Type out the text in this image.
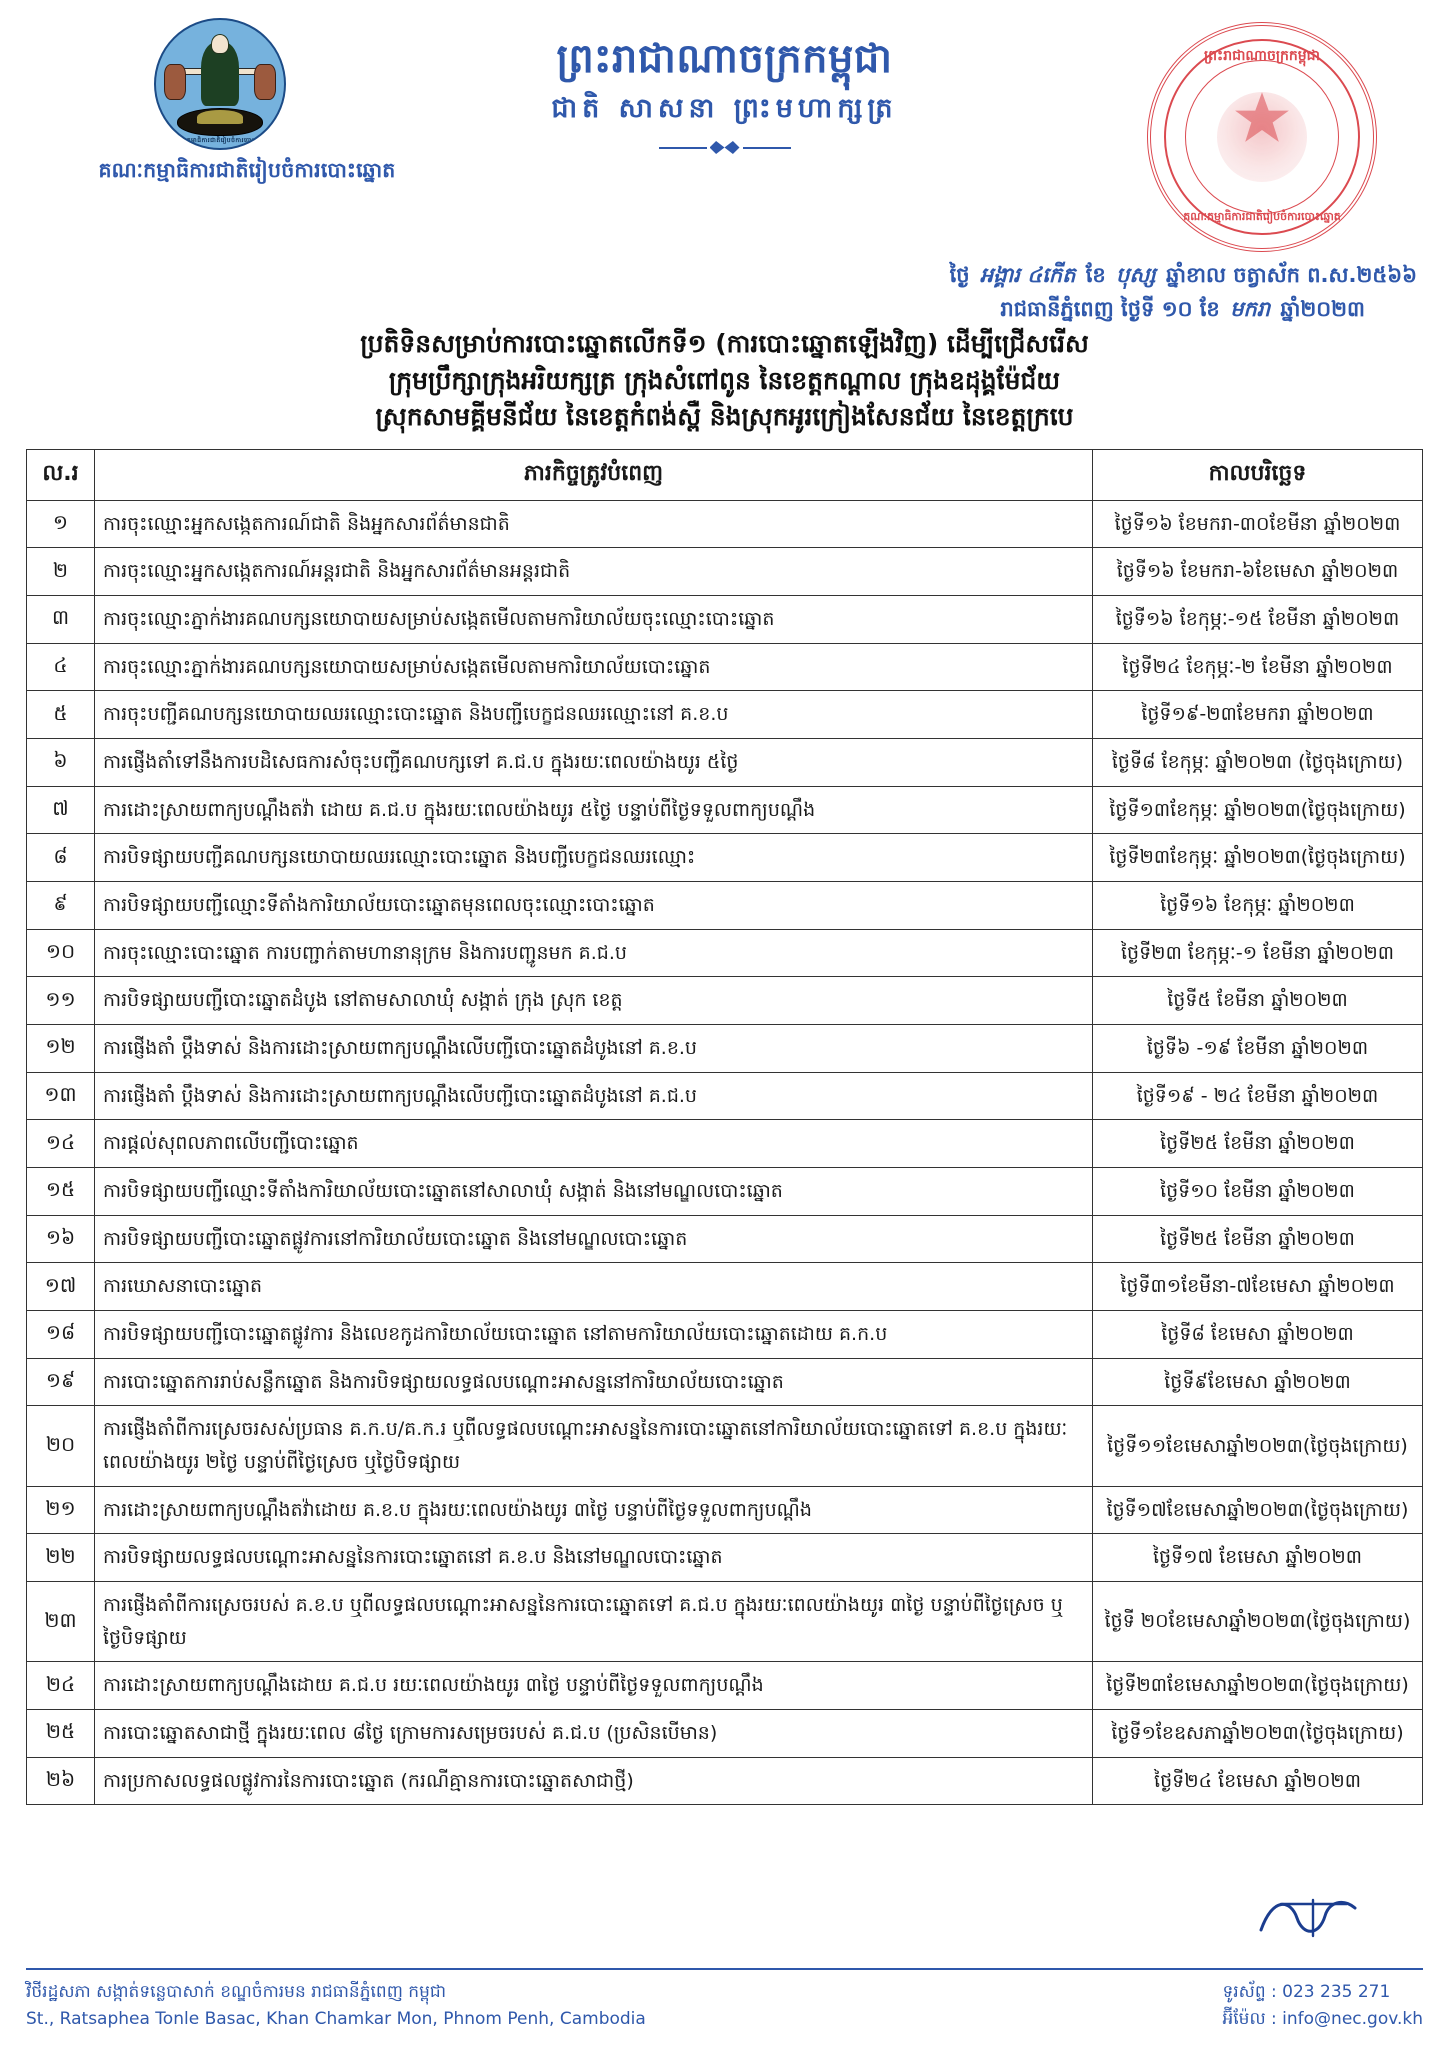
គណៈកម្មាធិការជាតិរៀបចំការបោះឆ្នោត
ព្រះរាជាណាចក្រកម្ពុជា
ជាតិ សាសនា ព្រះមហាក្សត្រ
ព្រះរាជាណាចក្រកម្ពុជា
គណៈកម្មាធិការជាតិរៀបចំការបោះឆ្នោត
គណៈកម្មាធិការជាតិរៀបចំការបោះឆ្នោត
ថ្ងៃ អង្គារ ៤កើត ខែ បុស្ស ឆ្នាំខាល ចត្វាស័ក ព.ស.២៥៦៦
រាជធានីភ្នំពេញ ថ្ងៃទី ១០ ខែ មករា ឆ្នាំ២០២៣
ប្រតិទិនសម្រាប់ការបោះឆ្នោតលើកទី១ (ការបោះឆ្នោតឡើងវិញ) ដើម្បីជ្រើសរើស
ក្រុមប្រឹក្សាក្រុងអរិយក្សត្រ ក្រុងសំពៅពូន នៃខេត្តកណ្ដាល ក្រុងឧដុង្គម៉ែជ័យ
ស្រុកសាមគ្គីមនីជ័យ នៃខេត្តកំពង់ស្ពឺ និងស្រុកអូរក្រៀងសែនជ័យ នៃខេត្តក្របេ
ល.រ	ភារកិច្ចត្រូវបំពេញ	កាលបរិច្ឆេទ
១	ការចុះឈ្មោះអ្នកសង្កេតការណ៍ជាតិ និងអ្នកសារព័ត៌មានជាតិ	ថ្ងៃទី១៦ ខែមករា-៣០ខែមីនា ឆ្នាំ២០២៣
២	ការចុះឈ្មោះអ្នកសង្កេតការណ៍អន្តរជាតិ និងអ្នកសារព័ត៌មានអន្តរជាតិ	ថ្ងៃទី១៦ ខែមករា-៦ខែមេសា ឆ្នាំ២០២៣
៣	ការចុះឈ្មោះភ្នាក់ងារគណបក្សនយោបាយសម្រាប់សង្កេតមើលតាមការិយាល័យចុះឈ្មោះបោះឆ្នោត	ថ្ងៃទី១៦ ខែកុម្ភៈ-១៥ ខែមីនា ឆ្នាំ២០២៣
៤	ការចុះឈ្មោះភ្នាក់ងារគណបក្សនយោបាយសម្រាប់សង្កេតមើលតាមការិយាល័យបោះឆ្នោត	ថ្ងៃទី២៤ ខែកុម្ភៈ-២ ខែមីនា ឆ្នាំ២០២៣
៥	ការចុះបញ្ជីគណបក្សនយោបាយឈរឈ្មោះបោះឆ្នោត និងបញ្ជីបេក្ខជនឈរឈ្មោះនៅ គ.ខ.ប	ថ្ងៃទី១៩-២៣ខែមករា ឆ្នាំ២០២៣
៦	ការផ្ញើងតាំទៅនឹងការបដិសេធការសំចុះបញ្ជីគណបក្សទៅ គ.ជ.ប ក្នុងរយៈពេលយ៉ាងយូរ ៥ថ្ងៃ	ថ្ងៃទី៨ ខែកុម្ភៈ ឆ្នាំ២០២៣ (ថ្ងៃចុងក្រោយ)
៧	ការដោះស្រាយពាក្យបណ្ដឹងតវ៉ា ដោយ គ.ជ.ប ក្នុងរយៈពេលយ៉ាងយូរ ៥ថ្ងៃ បន្ទាប់ពីថ្ងៃទទួលពាក្យបណ្ដឹង	ថ្ងៃទី១៣ខែកុម្ភៈ ឆ្នាំ២០២៣(ថ្ងៃចុងក្រោយ)
៨	ការបិទផ្សាយបញ្ជីគណបក្សនយោបាយឈរឈ្មោះបោះឆ្នោត និងបញ្ជីបេក្ខជនឈរឈ្មោះ	ថ្ងៃទី២៣ខែកុម្ភៈ ឆ្នាំ២០២៣(ថ្ងៃចុងក្រោយ)
៩	ការបិទផ្សាយបញ្ជីឈ្មោះទីតាំងការិយាល័យបោះឆ្នោតមុនពេលចុះឈ្មោះបោះឆ្នោត	ថ្ងៃទី១៦ ខែកុម្ភៈ ឆ្នាំ២០២៣
១០	ការចុះឈ្មោះបោះឆ្នោត ការបញ្ជាក់តាមហានានុក្រម និងការបញ្ជូនមក គ.ជ.ប	ថ្ងៃទី២៣ ខែកុម្ភៈ-១ ខែមីនា ឆ្នាំ២០២៣
១១	ការបិទផ្សាយបញ្ជីបោះឆ្នោតដំបូង នៅតាមសាលាឃុំ សង្កាត់ ក្រុង ស្រុក ខេត្ត	ថ្ងៃទី៥ ខែមីនា ឆ្នាំ២០២៣
១២	ការផ្ញើងតាំ ប្ដឹងទាស់ និងការដោះស្រាយពាក្យបណ្ដឹងលើបញ្ជីបោះឆ្នោតដំបូងនៅ គ.ខ.ប	ថ្ងៃទី៦ -១៩ ខែមីនា ឆ្នាំ២០២៣
១៣	ការផ្ញើងតាំ ប្ដឹងទាស់ និងការដោះស្រាយពាក្យបណ្ដឹងលើបញ្ជីបោះឆ្នោតដំបូងនៅ គ.ជ.ប	ថ្ងៃទី១៩ - ២៤ ខែមីនា ឆ្នាំ២០២៣
១៤	ការផ្ដល់សុពលភាពលើបញ្ជីបោះឆ្នោត	ថ្ងៃទី២៥ ខែមីនា ឆ្នាំ២០២៣
១៥	ការបិទផ្សាយបញ្ជីឈ្មោះទីតាំងការិយាល័យបោះឆ្នោតនៅសាលាឃុំ សង្កាត់ និងនៅមណ្ឌលបោះឆ្នោត	ថ្ងៃទី១០ ខែមីនា ឆ្នាំ២០២៣
១៦	ការបិទផ្សាយបញ្ជីបោះឆ្នោតផ្លូវការនៅការិយាល័យបោះឆ្នោត និងនៅមណ្ឌលបោះឆ្នោត	ថ្ងៃទី២៥ ខែមីនា ឆ្នាំ២០២៣
១៧	ការឃោសនាបោះឆ្នោត	ថ្ងៃទី៣១ខែមីនា-៧ខែមេសា ឆ្នាំ២០២៣
១៨	ការបិទផ្សាយបញ្ជីបោះឆ្នោតផ្លូវការ និងលេខកូដការិយាល័យបោះឆ្នោត នៅតាមការិយាល័យបោះឆ្នោតដោយ គ.ក.ប	ថ្ងៃទី៨ ខែមេសា ឆ្នាំ២០២៣
១៩	ការបោះឆ្នោតការរាប់សន្លឹកឆ្នោត និងការបិទផ្សាយលទ្ធផលបណ្ដោះអាសន្ននៅការិយាល័យបោះឆ្នោត	ថ្ងៃទី៩ខែមេសា ឆ្នាំ២០២៣
២០	ការផ្ញើងតាំពីការស្រេចរសស់ប្រធាន គ.ក.ប/គ.ក.រ ឬពីលទ្ធផលបណ្ដោះអាសន្ននៃការបោះឆ្នោតនៅការិយាល័យបោះឆ្នោតទៅ គ.ខ.ប ក្នុងរយៈពេលយ៉ាងយូរ ២ថ្ងៃ បន្ទាប់ពីថ្ងៃស្រេច ឬថ្ងៃបិទផ្សាយ	ថ្ងៃទី១១ខែមេសាឆ្នាំ២០២៣(ថ្ងៃចុងក្រោយ)
២១	ការដោះស្រាយពាក្យបណ្ដឹងតវ៉ាដោយ គ.ខ.ប ក្នុងរយៈពេលយ៉ាងយូរ ៣ថ្ងៃ បន្ទាប់ពីថ្ងៃទទួលពាក្យបណ្ដឹង	ថ្ងៃទី១៧ខែមេសាឆ្នាំ២០២៣(ថ្ងៃចុងក្រោយ)
២២	ការបិទផ្សាយលទ្ធផលបណ្ដោះអាសន្ននៃការបោះឆ្នោតនៅ គ.ខ.ប និងនៅមណ្ឌលបោះឆ្នោត	ថ្ងៃទី១៧ ខែមេសា ឆ្នាំ២០២៣
២៣	ការផ្ញើងតាំពីការស្រេចរបស់ គ.ខ.ប ឬពីលទ្ធផលបណ្ដោះអាសន្ននៃការបោះឆ្នោតទៅ គ.ជ.ប ក្នុងរយៈពេលយ៉ាងយូរ ៣ថ្ងៃ បន្ទាប់ពីថ្ងៃស្រេច ឬថ្ងៃបិទផ្សាយ	ថ្ងៃទី ២០ខែមេសាឆ្នាំ២០២៣(ថ្ងៃចុងក្រោយ)
២៤	ការដោះស្រាយពាក្យបណ្ដឹងដោយ គ.ជ.ប រយៈពេលយ៉ាងយូរ ៣ថ្ងៃ បន្ទាប់ពីថ្ងៃទទួលពាក្យបណ្ដឹង	ថ្ងៃទី២៣ខែមេសាឆ្នាំ២០២៣(ថ្ងៃចុងក្រោយ)
២៥	ការបោះឆ្នោតសាជាថ្មី ក្នុងរយៈពេល ៨ថ្ងៃ ក្រោមការសម្រេចរបស់ គ.ជ.ប (ប្រសិនបើមាន)	ថ្ងៃទី១ខែឧសភាឆ្នាំ២០២៣(ថ្ងៃចុងក្រោយ)
២៦	ការប្រកាសលទ្ធផលផ្លូវការនៃការបោះឆ្នោត (ករណីគ្មានការបោះឆ្នោតសាជាថ្មី)	ថ្ងៃទី២៤ ខែមេសា ឆ្នាំ២០២៣
វិថីរដ្ឋសភា សង្កាត់ទន្លេបាសាក់ ខណ្ឌចំការមន រាជធានីភ្នំពេញ កម្ពុជា
St., Ratsaphea Tonle Basac, Khan Chamkar Mon, Phnom Penh, Cambodia
ទូរស័ព្ទ : 023 235 271
អ៊ីម៉ែល : info@nec.gov.kh
